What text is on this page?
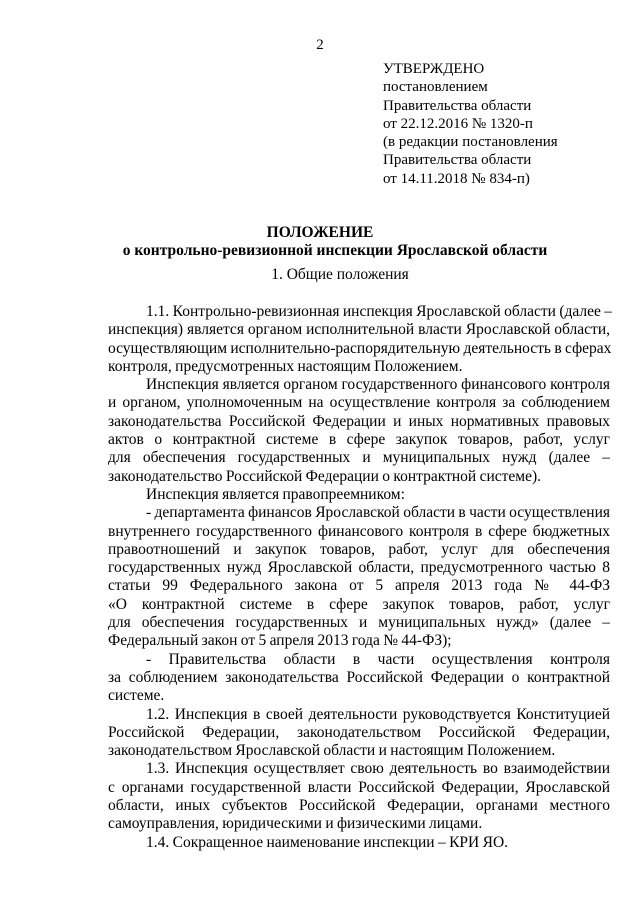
2
УТВЕРЖДЕНО
постановлением
Правительства области
от 22.12.2016 № 1320-п
(в редакции постановления
Правительства области
от 14.11.2018 № 834-п)
ПОЛОЖЕНИЕ
о контрольно-ревизионной инспекции Ярославской области
1. Общие положения
1.1. Контрольно-ревизионная инспекция Ярославской области (далее –
инспекция) является органом исполнительной власти Ярославской области,
осуществляющим исполнительно-распорядительную деятельность в сферах
контроля, предусмотренных настоящим Положением.
Инспекция является органом государственного финансового контроля
и органом, уполномоченным на осуществление контроля за соблюдением
законодательства Российской Федерации и иных нормативных правовых
актов о контрактной системе в сфере закупок товаров, работ, услуг
для обеспечения государственных и муниципальных нужд (далее –
законодательство Российской Федерации о контрактной системе).
Инспекция является правопреемником:
- департамента финансов Ярославской области в части осуществления
внутреннего государственного финансового контроля в сфере бюджетных
правоотношений и закупок товаров, работ, услуг для обеспечения
государственных нужд Ярославской области, предусмотренного частью 8
статьи 99 Федерального закона от 5 апреля 2013 года № 44-ФЗ
«О контрактной системе в сфере закупок товаров, работ, услуг
для обеспечения государственных и муниципальных нужд» (далее –
Федеральный закон от 5 апреля 2013 года № 44-ФЗ);
- Правительства области в части осуществления контроля
за соблюдением законодательства Российской Федерации о контрактной
системе.
1.2. Инспекция в своей деятельности руководствуется Конституцией
Российской Федерации, законодательством Российской Федерации,
законодательством Ярославской области и настоящим Положением.
1.3. Инспекция осуществляет свою деятельность во взаимодействии
с органами государственной власти Российской Федерации, Ярославской
области, иных субъектов Российской Федерации, органами местного
самоуправления, юридическими и физическими лицами.
1.4. Сокращенное наименование инспекции – КРИ ЯО.
